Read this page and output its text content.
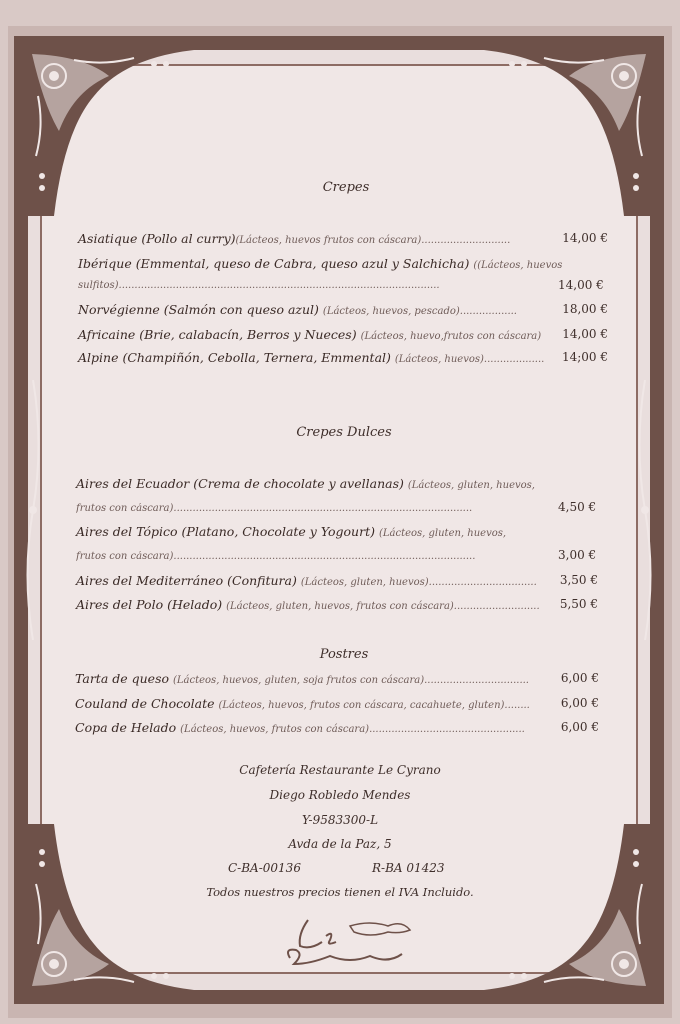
Crepes
Asiatique (Pollo al curry)(Lácteos, huevos frutos con cáscara)............................	14,00 €
Ibérique (Emmental, queso de Cabra, queso azul y Salchicha) ((Lácteos, huevos
sulfitos).....................................................................................................	14,00 €
Norvégienne (Salmón con queso azul) (Lácteos, huevos, pescado)..................	18,00 €
Africaine (Brie, calabacín, Berros y Nueces) (Lácteos, huevo,frutos con cáscara) 14,00 €
Alpine (Champiñón, Cebolla, Ternera, Emmental) (Lácteos, huevos)................... 14;00 €
Crepes Dulces
Aires del Ecuador (Crema de chocolate y avellanas) (Lácteos, gluten, huevos,
frutos con cáscara)..............................................................................................	4,50 €
Aires del Tópico (Platano, Chocolate y Yogourt) (Lácteos, gluten, huevos,
frutos con cáscara)...............................................................................................	3,00 €
Aires del Mediterráneo (Confitura) (Lácteos, gluten, huevos).................................. 3,50 €
Aires del Polo (Helado) (Lácteos, gluten, huevos, frutos con cáscara)........................... 5,50 €
Postres
Tarta de queso (Lácteos, huevos, gluten, soja frutos con cáscara).................................	6,00 €
Couland de Chocolate (Lácteos, huevos, frutos con cáscara, cacahuete, gluten)........	6,00 €
Copa de Helado (Lácteos, huevos, frutos con cáscara).................................................	6,00 €
Cafetería Restaurante Le Cyrano
Diego Robledo Mendes
Y-9583300-L
Avda de la Paz, 5
C-BA-00136	R-BA 01423
Todos nuestros precios tienen el IVA Incluido.
